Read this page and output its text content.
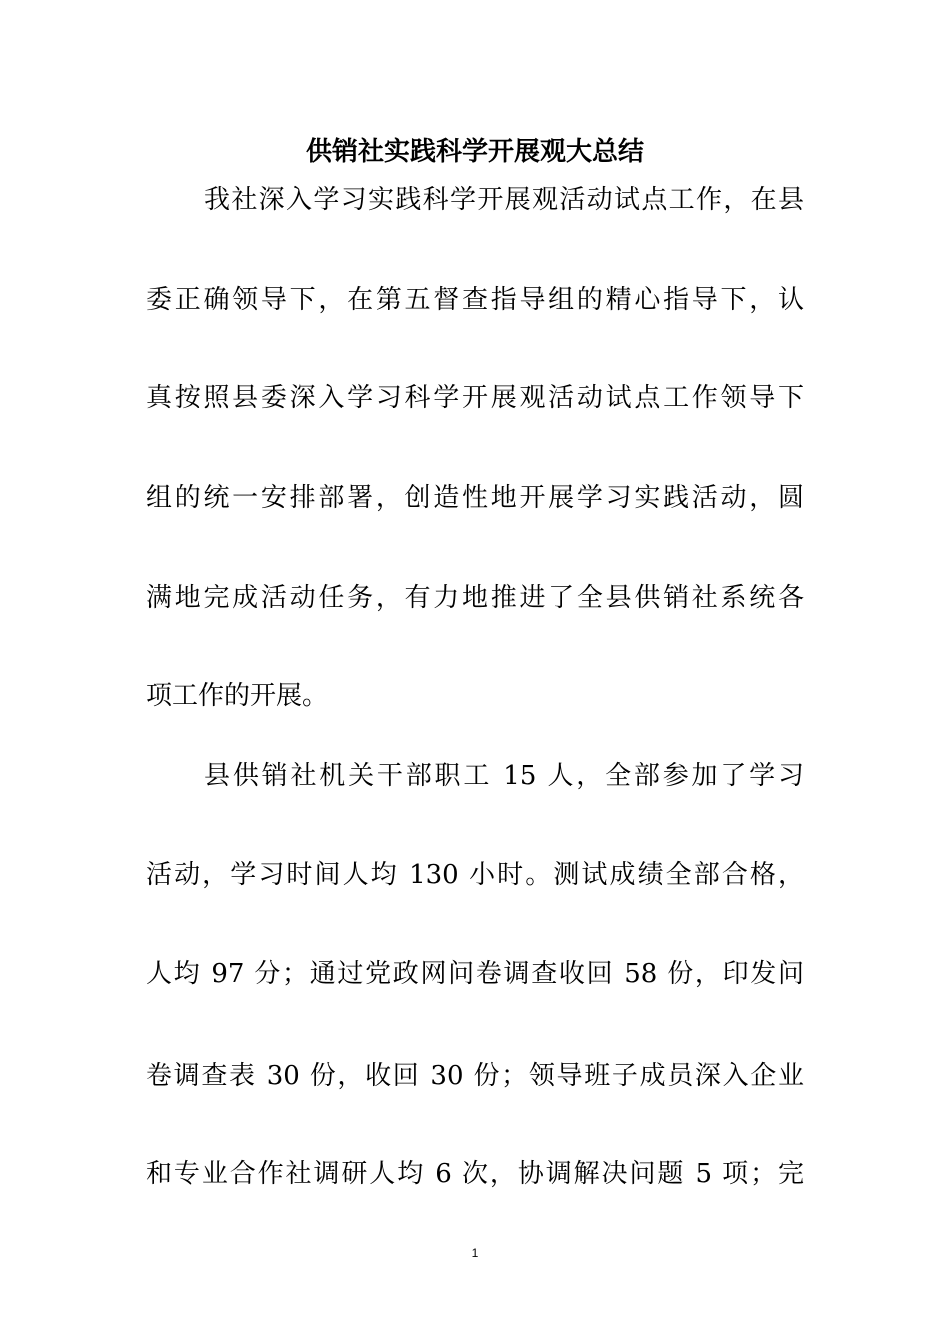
供销社实践科学开展观大总结
我社深入学习实践科学开展观活动试点工作，在县
委正确领导下，在第五督查指导组的精心指导下，认
真按照县委深入学习科学开展观活动试点工作领导下
组的统一安排部署，创造性地开展学习实践活动，圆
满地完成活动任务，有力地推进了全县供销社系统各
项工作的开展。
县供销社机关干部职工 15 人，全部参加了学习
活动，学习时间人均 130 小时。测试成绩全部合格，
人均 97 分；通过党政网问卷调查收回 58 份，印发问
卷调查表 30 份，收回 30 份；领导班子成员深入企业
和专业合作社调研人均 6 次，协调解决问题 5 项；完
1
